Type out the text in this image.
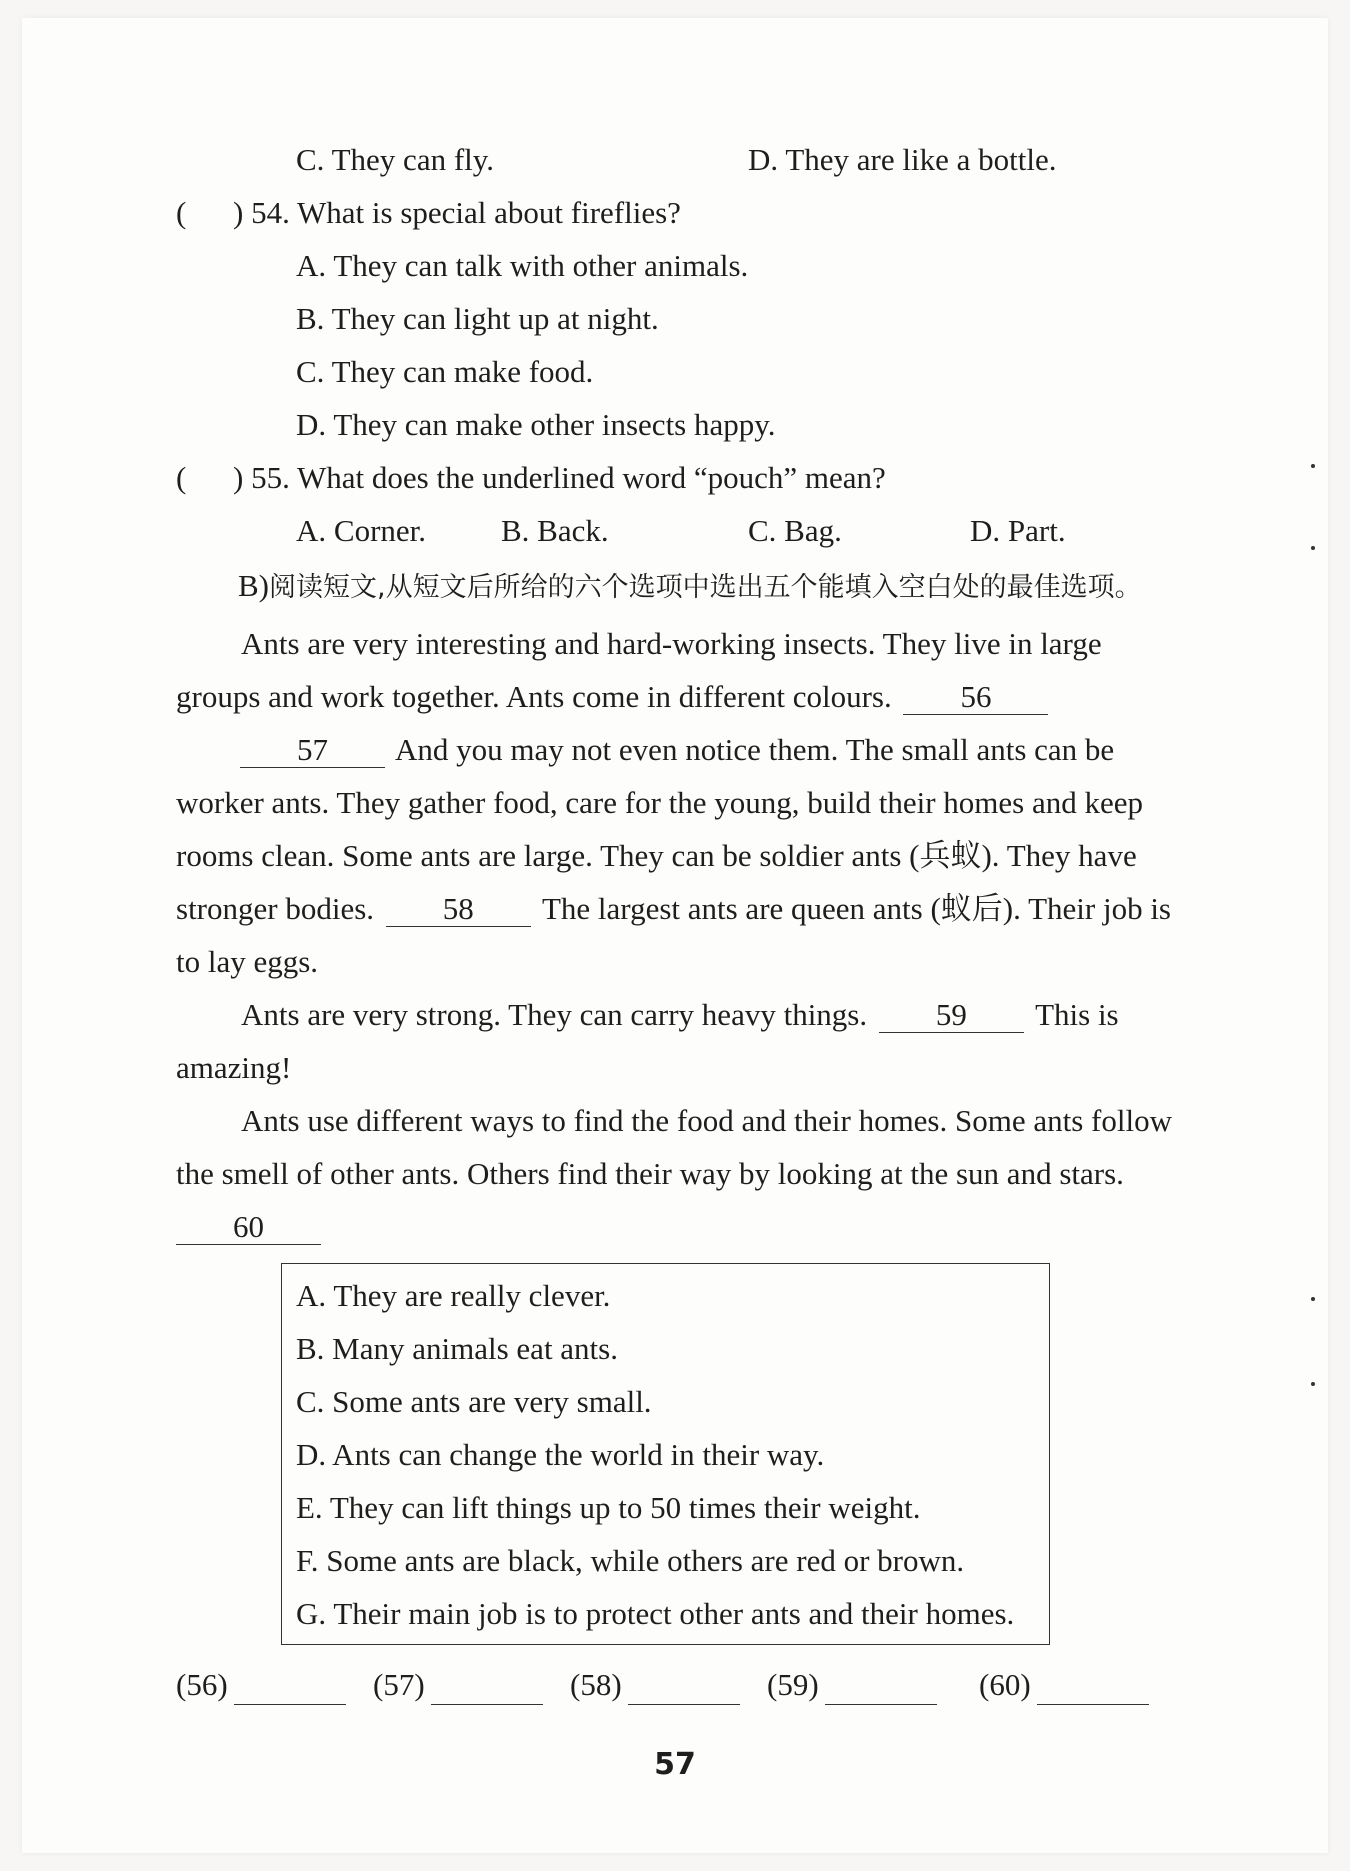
C. They can fly.	D. They are like a bottle.
( ) 54. What is special about fireflies?
A. They can talk with other animals.
B. They can light up at night.
C. They can make food.
D. They can make other insects happy.
( ) 55. What does the underlined word “pouch” mean?
A. Corner. B. Back.	C. Bag.	D. Part.
B)阅读短文,从短文后所给的六个选项中选出五个能填入空白处的最佳选项。
Ants are very interesting and hard-working insects. They live in large
groups and work together. Ants come in different colours. 56
57 And you may not even notice them. The small ants can be
worker ants. They gather food, care for the young, build their homes and keep
rooms clean. Some ants are large. They can be soldier ants (兵蚁). They have
stronger bodies. 58 The largest ants are queen ants (蚁后). Their job is
to lay eggs.
Ants are very strong. They can carry heavy things. 59 This is
amazing!
Ants use different ways to find the food and their homes. Some ants follow
the smell of other ants. Others find their way by looking at the sun and stars.
60
A. They are really clever.
B. Many animals eat ants.
C. Some ants are very small.
D. Ants can change the world in their way.
E. They can lift things up to 50 times their weight.
F. Some ants are black, while others are red or brown.
G. Their main job is to protect other ants and their homes.
(56)	(57)	(58)	(59)	(60)
57
